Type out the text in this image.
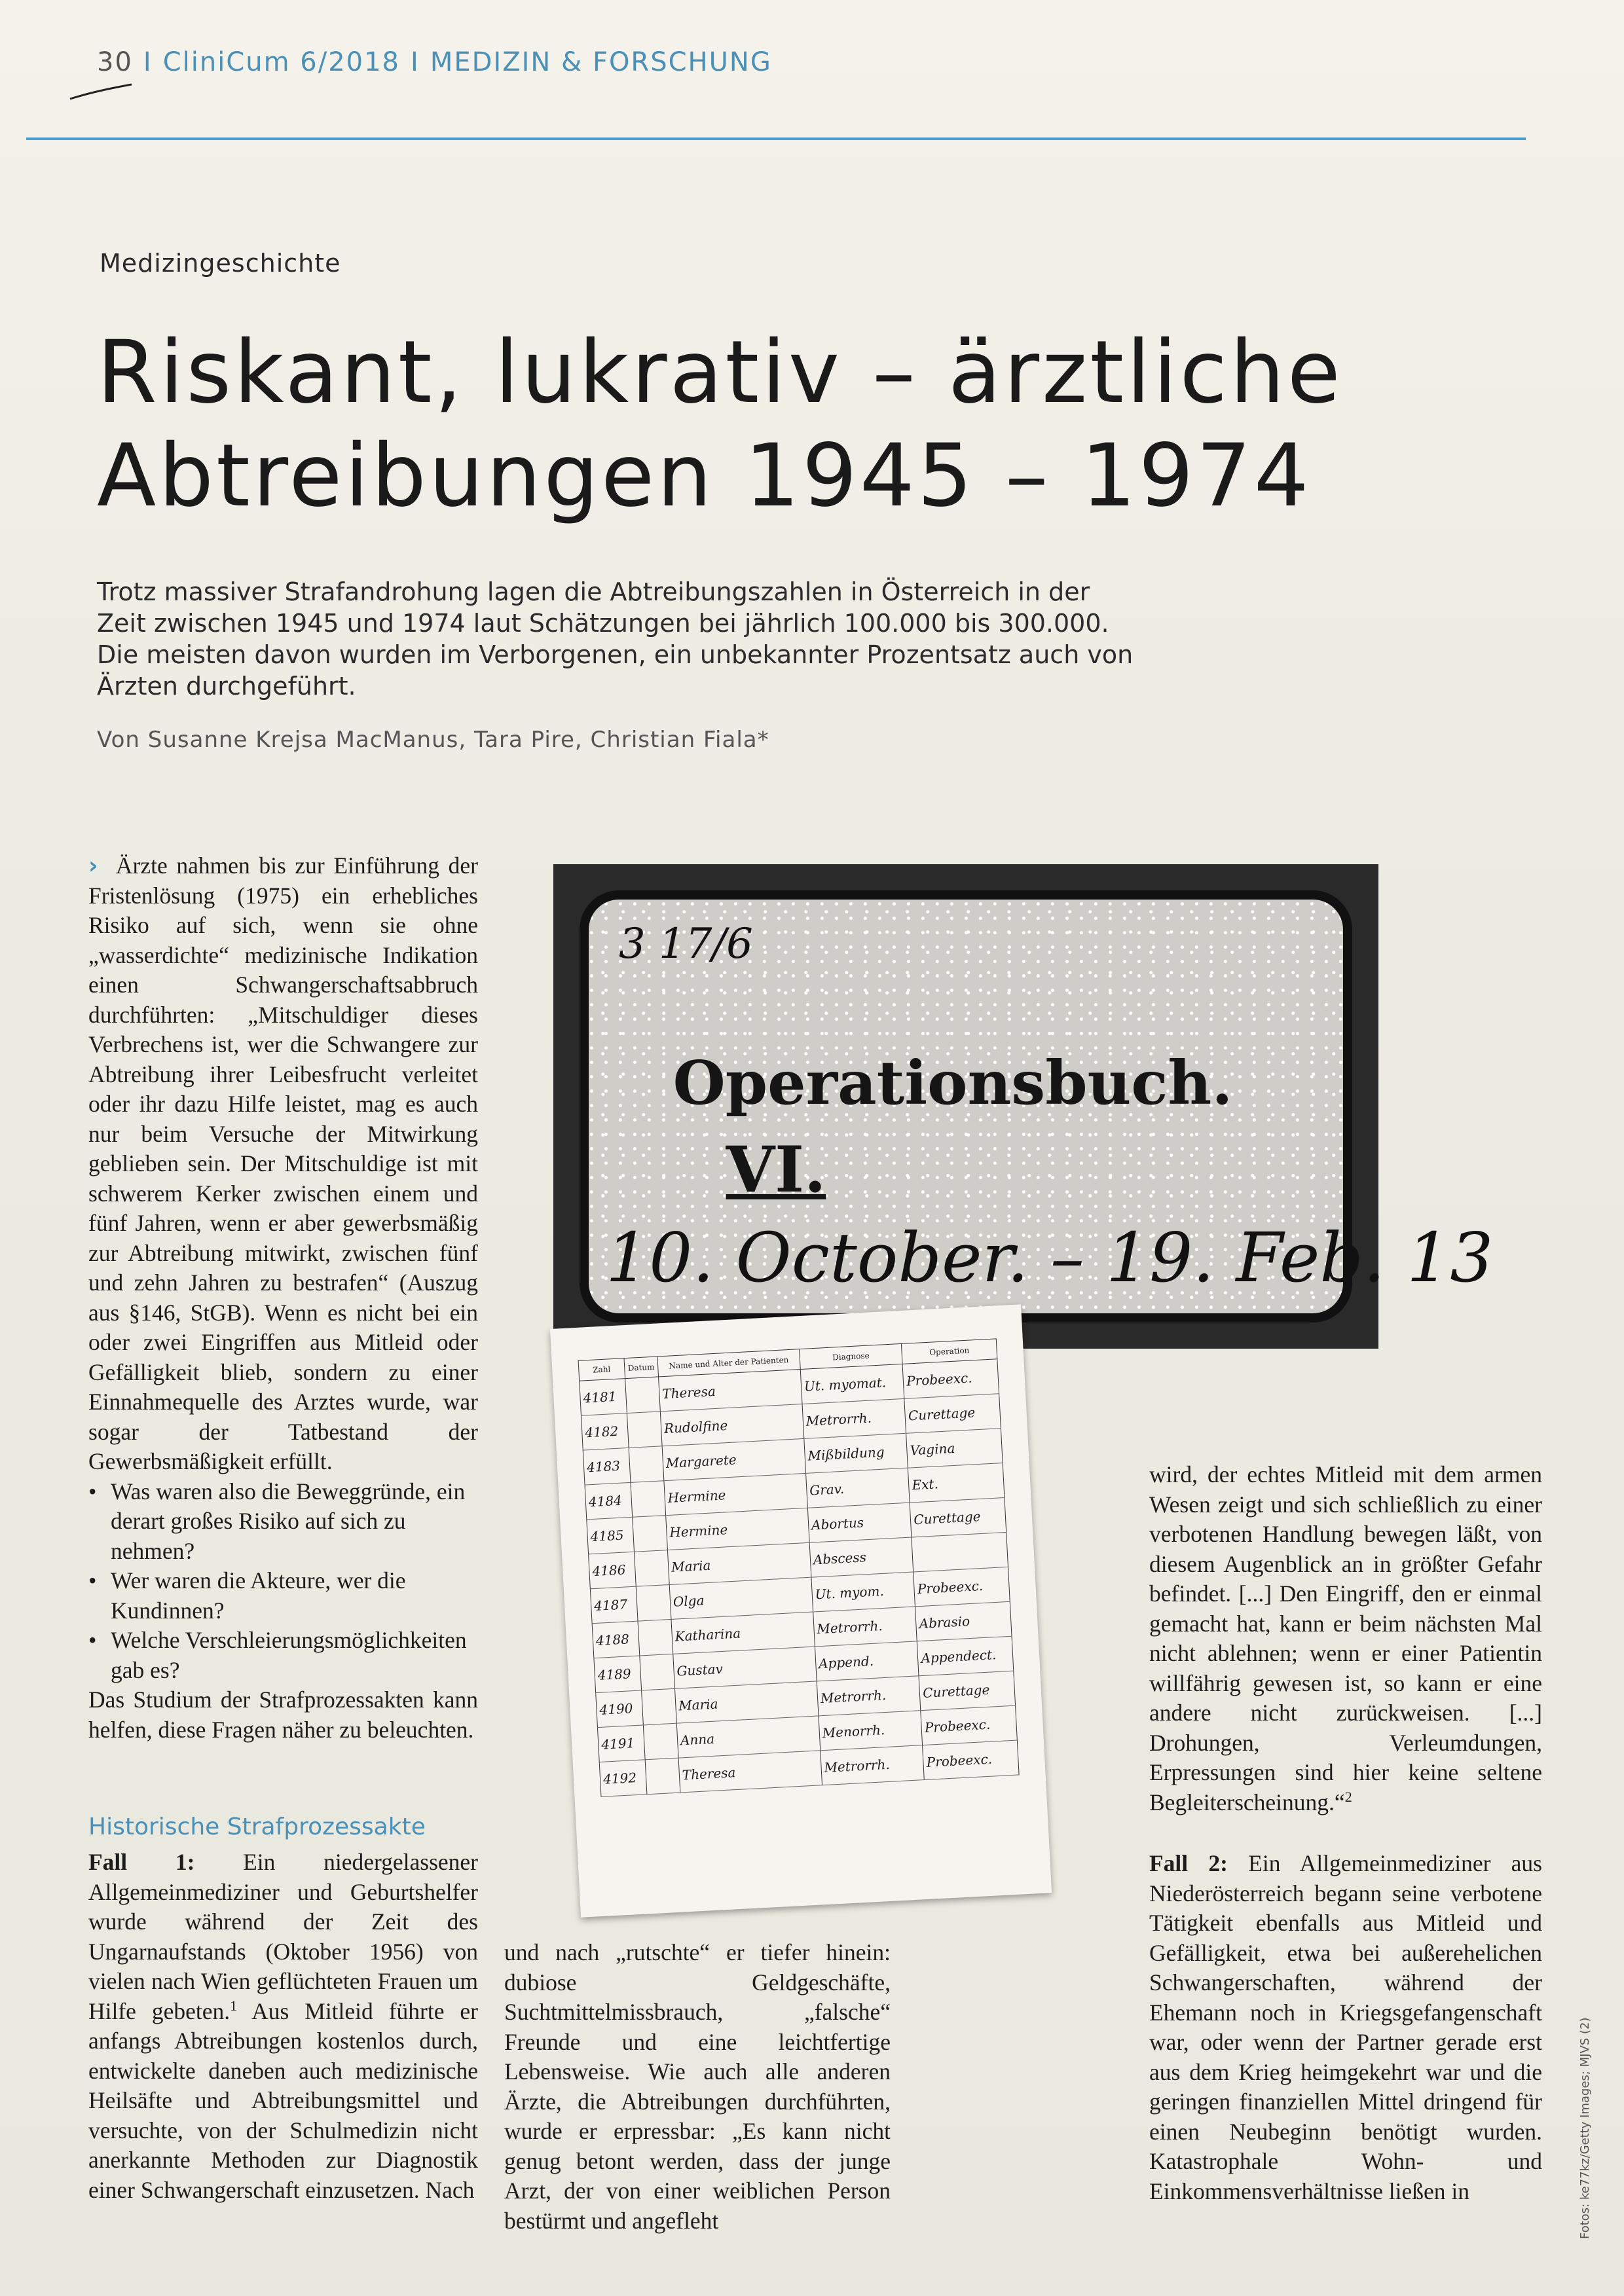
30 I CliniCum 6/2018 I MEDIZIN & FORSCHUNG
Medizingeschichte
Riskant, lukrativ – ärztliche
Abtreibungen 1945 – 1974

Trotz massiver Strafandrohung lagen die Abtreibungszahlen in Österreich in der Zeit zwischen 1945 und 1974 laut Schätzungen bei jährlich 100.000 bis 300.000. Die meisten davon wurden im Verborgenen, ein unbekannter Prozentsatz auch von Ärzten durchgeführt.

Von Susanne Krejsa MacManus, Tara Pire, Christian Fiala*

› Ärzte nahmen bis zur Einführung der Fristenlösung (1975) ein erhebliches Risiko auf sich, wenn sie ohne „wasserdichte“ medizinische Indikation einen Schwangerschaftsabbruch durchführten: „Mitschuldiger dieses Verbrechens ist, wer die Schwangere zur Abtreibung ihrer Leibesfrucht verleitet oder ihr dazu Hilfe leistet, mag es auch nur beim Versuche der Mitwirkung geblieben sein. Der Mitschuldige ist mit schwerem Kerker zwischen einem und fünf Jahren, wenn er aber gewerbsmäßig zur Abtreibung mitwirkt, zwischen fünf und zehn Jahren zu bestrafen“ (Auszug aus §146, StGB). Wenn es nicht bei ein oder zwei Eingriffen aus Mitleid oder Gefälligkeit blieb, sondern zu einer Einnahmequelle des Arztes wurde, war sogar der Tatbestand der Gewerbsmäßigkeit erfüllt.

• Was waren also die Beweggründe, ein derart großes Risiko auf sich zu nehmen?
• Wer waren die Akteure, wer die Kundinnen?
• Welche Verschleierungsmöglichkeiten gab es?

Das Studium der Strafprozessakten kann helfen, diese Fragen näher zu beleuchten.

Historische Strafprozessakte

Fall 1: Ein niedergelassener Allgemeinmediziner und Geburtshelfer wurde während der Zeit des Ungarnaufstands (Oktober 1956) von vielen nach Wien geflüchteten Frauen um Hilfe gebeten.$^1$ Aus Mitleid führte er anfangs Abtreibungen kostenlos durch, entwickelte daneben auch medizinische Heilsäfte und Abtreibungsmittel und versuchte, von der Schulmedizin nicht anerkannte Methoden zur Diagnostik einer Schwangerschaft einzusetzen. Nach

und nach „rutschte“ er tiefer hinein: dubiose Geldgeschäfte, Suchtmittelmissbrauch, „falsche“ Freunde und eine leichtfertige Lebensweise. Wie auch alle anderen Ärzte, die Abtreibungen durchführten, wurde er erpressbar: „Es kann nicht genug betont werden, dass der junge Arzt, der von einer weiblichen Person bestürmt und angefleht

wird, der echtes Mitleid mit dem armen Wesen zeigt und sich schließlich zu einer verbotenen Handlung bewegen läßt, von diesem Augenblick an in größter Gefahr befindet. [...] Den Eingriff, den er einmal gemacht hat, kann er beim nächsten Mal nicht ablehnen; wenn er einer Patientin willfährig gewesen ist, so kann er eine andere nicht zurückweisen. [...] Drohungen, Verleumdungen, Erpressungen sind hier keine seltene Begleiterscheinung.“$^2$

Fall 2: Ein Allgemeinmediziner aus Niederösterreich begann seine verbotene Tätigkeit ebenfalls aus Mitleid und Gefälligkeit, etwa bei außerehelichen Schwangerschaften, während der Ehemann noch in Kriegsgefangenschaft war, oder wenn der Partner gerade erst aus dem Krieg heimgekehrt war und die geringen finanziellen Mittel dringend für einen Neubeginn benötigt wurden. Katastrophale Wohn- und Einkommensverhältnisse ließen in

3 17/6
Operationsbuch.
VI.
10. October. – 19. Feb. 13
Zahl	Datum	Name und Alter der Patienten	Diagnose	Operation
4181		Theresa	Ut. myomat.	Probeexc.
4182		Rudolfine	Metrorrh.	Curettage
4183		Margarete	Mißbildung	Vagina
4184		Hermine	Grav.	Ext.
4185		Hermine	Abortus	Curettage
4186		Maria	Abscess	
4187		Olga	Ut. myom.	Probeexc.
4188		Katharina	Metrorrh.	Abrasio
4189		Gustav	Append.	Appendect.
4190		Maria	Metrorrh.	Curettage
4191		Anna	Menorrh.	Probeexc.
4192		Theresa	Metrorrh.	Probeexc.
